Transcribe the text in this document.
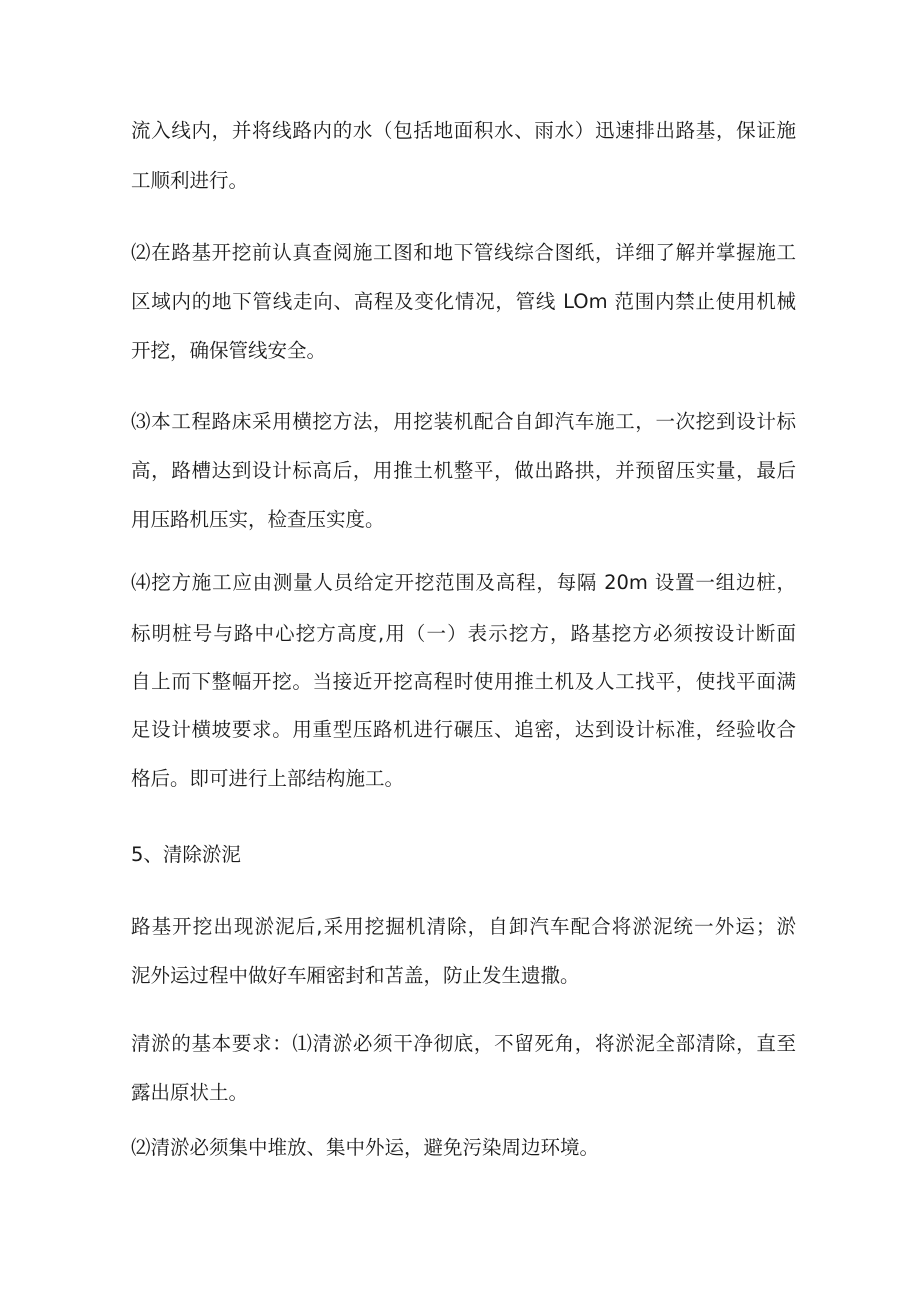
流入线内，并将线路内的水（包括地面积水、雨水）迅速排出路基，保证施
工顺利进行。
⑵在路基开挖前认真查阅施工图和地下管线综合图纸，详细了解并掌握施工
区域内的地下管线走向、高程及变化情况，管线 LOm 范围内禁止使用机械
开挖，确保管线安全。
⑶本工程路床采用横挖方法，用挖装机配合自卸汽车施工，一次挖到设计标
高，路槽达到设计标高后，用推土机整平，做出路拱，并预留压实量，最后
用压路机压实，检查压实度。
⑷挖方施工应由测量人员给定开挖范围及高程，每隔 20m 设置一组边桩，
标明桩号与路中心挖方高度,用（一）表示挖方，路基挖方必须按设计断面
自上而下整幅开挖。当接近开挖高程时使用推土机及人工找平，使找平面满
足设计横坡要求。用重型压路机进行碾压、追密，达到设计标准，经验收合
格后。即可进行上部结构施工。
5、清除淤泥
路基开挖出现淤泥后,采用挖掘机清除，自卸汽车配合将淤泥统一外运；淤
泥外运过程中做好车厢密封和苫盖，防止发生遗撒。
清淤的基本要求：⑴清淤必须干净彻底，不留死角，将淤泥全部清除，直至
露出原状土。
⑵清淤必须集中堆放、集中外运，避免污染周边环境。
